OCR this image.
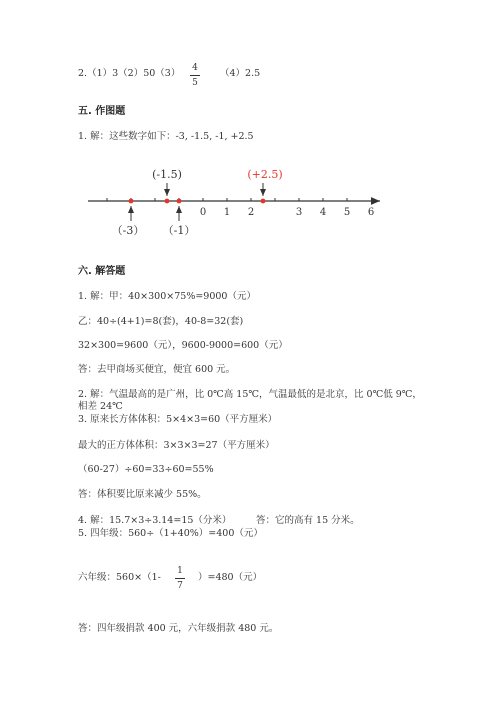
2.（1）3（2）50（3）	4
5
（4）2.5
五. 作图题
1. 解：这些数字如下：-3, -1.5, -1, +2.5
0 1 2	3 4 5 6
(-1.5)	(+2.5)
（-3） （-1）
六. 解答题
1. 解：甲：40×300×75%=9000（元）
乙：40÷(4+1)=8(套)，40-8=32(套)
32×300=9600（元），9600-9000=600（元）
答：去甲商场买便宜，便宜 600 元。
2. 解：气温最高的是广州，比 0℃高 15℃，气温最低的是北京，比 0℃低 9℃，
相差 24℃
3. 原来长方体体积：5×4×3=60（平方厘米）
最大的正方体体积：3×3×3=27（平方厘米）
（60-27）÷60=33÷60=55%
答：体积要比原来减少 55%。
4. 解：15.7×3÷3.14=15（分米）	答：它的高有 15 分米。
5. 四年级：560÷（1+40%）=400（元）
六年级：560×（1-
1
7
）=480（元）
答：四年级捐款 400 元，六年级捐款 480 元。
